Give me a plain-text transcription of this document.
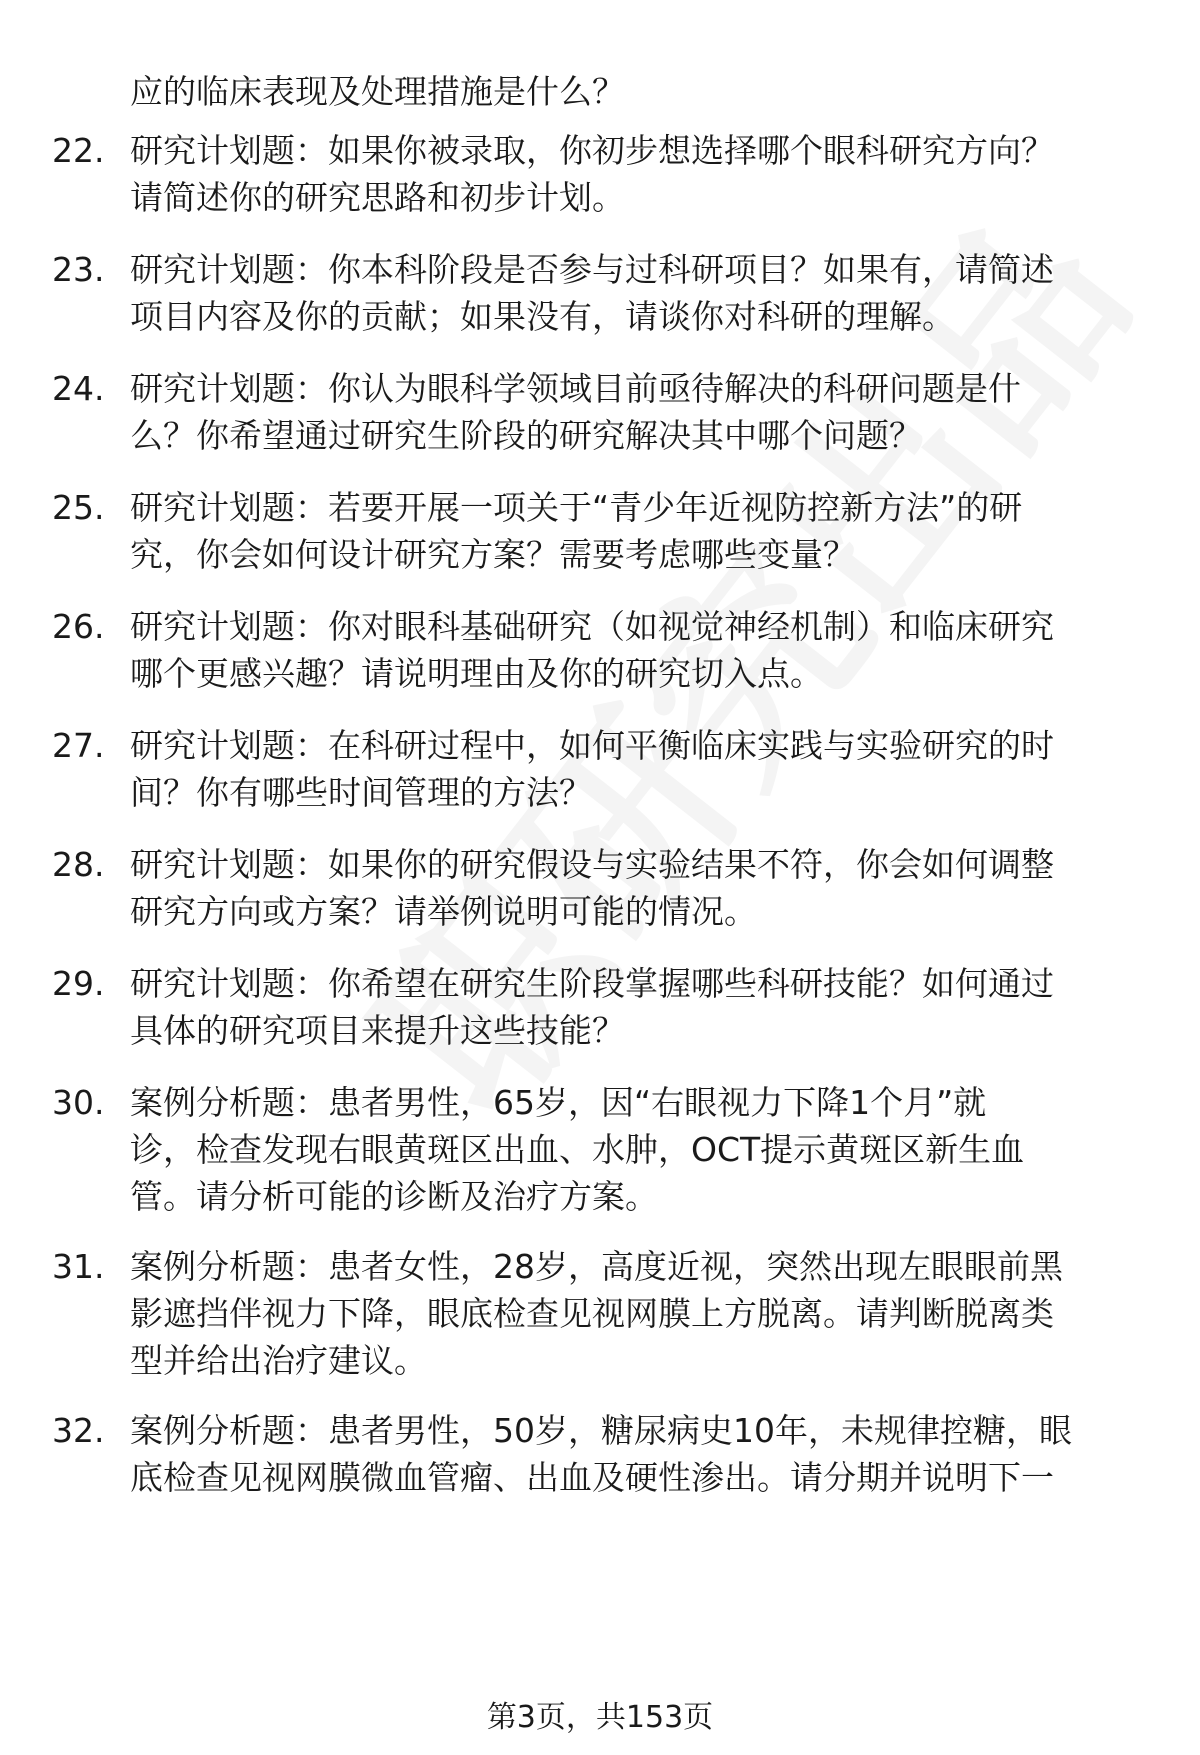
应的临床表现及处理措施是什么？
22. 研究计划题：如果你被录取，你初步想选择哪个眼科研究方向？
请简述你的研究思路和初步计划。
23. 研究计划题：你本科阶段是否参与过科研项目？如果有，请简述
项目内容及你的贡献；如果没有，请谈你对科研的理解。
24. 研究计划题：你认为眼科学领域目前亟待解决的科研问题是什
么？你希望通过研究生阶段的研究解决其中哪个问题？
25. 研究计划题：若要开展一项关于“青少年近视防控新方法”的研
究，你会如何设计研究方案？需要考虑哪些变量？
26. 研究计划题：你对眼科基础研究（如视觉神经机制）和临床研究
哪个更感兴趣？请说明理由及你的研究切入点。
27. 研究计划题：在科研过程中，如何平衡临床实践与实验研究的时
间？你有哪些时间管理的方法？
28. 研究计划题：如果你的研究假设与实验结果不符，你会如何调整
研究方向或方案？请举例说明可能的情况。
29. 研究计划题：你希望在研究生阶段掌握哪些科研技能？如何通过
具体的研究项目来提升这些技能？
30. 案例分析题：患者男性，65岁，因“右眼视力下降1个月”就
诊，检查发现右眼黄斑区出血、水肿，OCT提示黄斑区新生血
管。请分析可能的诊断及治疗方案。
31. 案例分析题：患者女性，28岁，高度近视，突然出现左眼眼前黑
影遮挡伴视力下降，眼底检查见视网膜上方脱离。请判断脱离类
型并给出治疗建议。
32. 案例分析题：患者男性，50岁，糖尿病史10年，未规律控糖，眼
底检查见视网膜微血管瘤、出血及硬性渗出。请分期并说明下一
第3页，共153页
